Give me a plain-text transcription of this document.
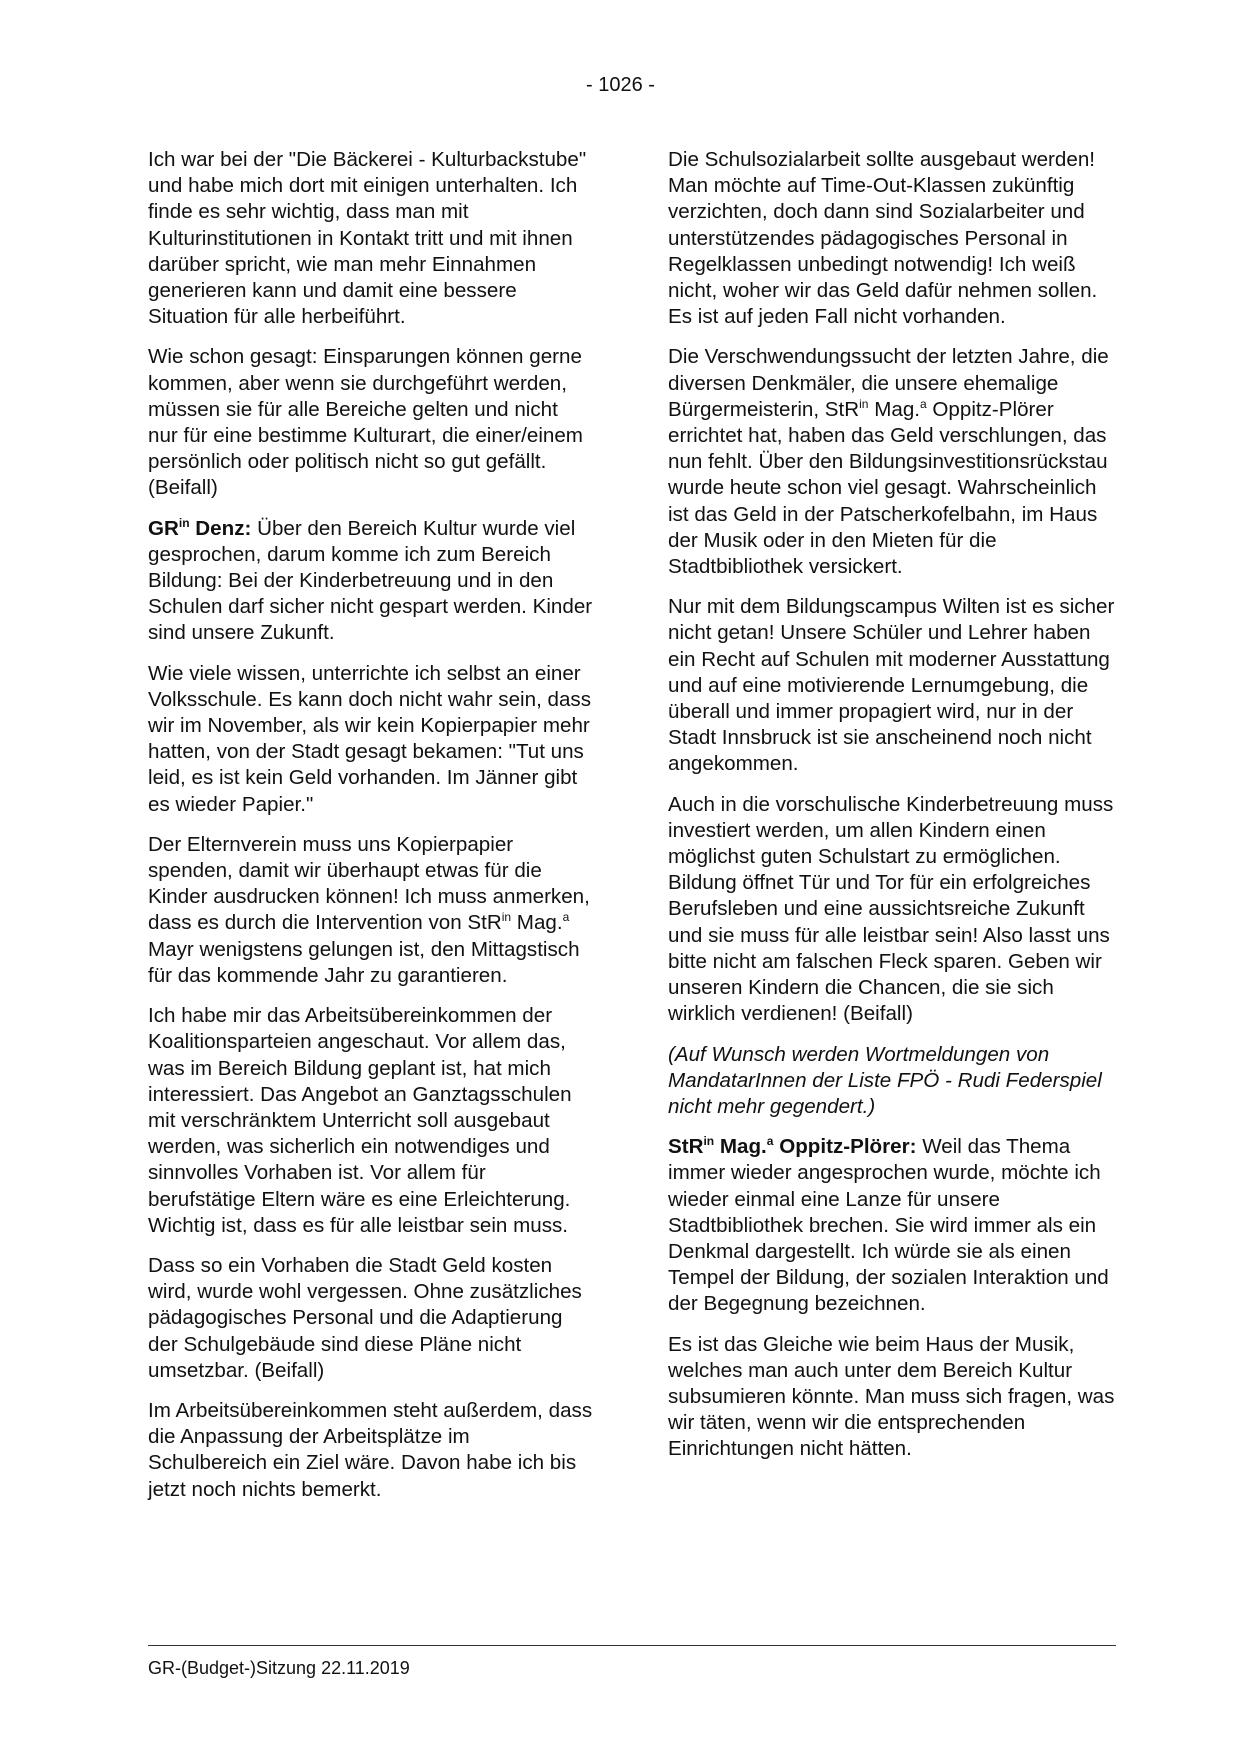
- 1026 -

Ich war bei der "Die Bäckerei - Kulturbackstube" und habe mich dort mit einigen unterhalten. Ich finde es sehr wichtig, dass man mit Kulturinstitutionen in Kontakt tritt und mit ihnen darüber spricht, wie man mehr Einnahmen generieren kann und damit eine bessere Situation für alle herbeiführt.

Wie schon gesagt: Einsparungen können gerne kommen, aber wenn sie durchgeführt werden, müssen sie für alle Bereiche gelten und nicht nur für eine bestimme Kulturart, die einer/einem persönlich oder politisch nicht so gut gefällt. (Beifall)

$GR^{in}$ Denz: Über den Bereich Kultur wurde viel gesprochen, darum komme ich zum Bereich Bildung: Bei der Kinderbetreuung und in den Schulen darf sicher nicht gespart werden. Kinder sind unsere Zukunft.

Wie viele wissen, unterrichte ich selbst an einer Volksschule. Es kann doch nicht wahr sein, dass wir im November, als wir kein Kopierpapier mehr hatten, von der Stadt gesagt bekamen: "Tut uns leid, es ist kein Geld vorhanden. Im Jänner gibt es wieder Papier."

Der Elternverein muss uns Kopierpapier spenden, damit wir überhaupt etwas für die Kinder ausdrucken können! Ich muss anmerken, dass es durch die Intervention von StR$^{in}$ Mag.$^a$ Mayr wenigstens gelungen ist, den Mittagstisch für das kommende Jahr zu garantieren.

Ich habe mir das Arbeitsübereinkommen der Koalitionsparteien angeschaut. Vor allem das, was im Bereich Bildung geplant ist, hat mich interessiert. Das Angebot an Ganztagsschulen mit verschränktem Unterricht soll ausgebaut werden, was sicherlich ein notwendiges und sinnvolles Vorhaben ist. Vor allem für berufstätige Eltern wäre es eine Erleichterung. Wichtig ist, dass es für alle leistbar sein muss.

Dass so ein Vorhaben die Stadt Geld kosten wird, wurde wohl vergessen. Ohne zusätzliches pädagogisches Personal und die Adaptierung der Schulgebäude sind diese Pläne nicht umsetzbar. (Beifall)

Im Arbeitsübereinkommen steht außerdem, dass die Anpassung der Arbeitsplätze im Schulbereich ein Ziel wäre. Davon habe ich bis jetzt noch nichts bemerkt.

Die Schulsozialarbeit sollte ausgebaut werden! Man möchte auf Time-Out-Klassen zukünftig verzichten, doch dann sind Sozialarbeiter und unterstützendes pädagogisches Personal in Regelklassen unbedingt notwendig! Ich weiß nicht, woher wir das Geld dafür nehmen sollen. Es ist auf jeden Fall nicht vorhanden.

Die Verschwendungssucht der letzten Jahre, die diversen Denkmäler, die unsere ehemalige Bürgermeisterin, StR$^{in}$ Mag.$^a$ Oppitz-Plörer errichtet hat, haben das Geld verschlungen, das nun fehlt. Über den Bildungsinvestitionsrückstau wurde heute schon viel gesagt. Wahrscheinlich ist das Geld in der Patscherkofelbahn, im Haus der Musik oder in den Mieten für die Stadtbibliothek versickert.

Nur mit dem Bildungscampus Wilten ist es sicher nicht getan! Unsere Schüler und Lehrer haben ein Recht auf Schulen mit moderner Ausstattung und auf eine motivierende Lernumgebung, die überall und immer propagiert wird, nur in der Stadt Innsbruck ist sie anscheinend noch nicht angekommen.

Auch in die vorschulische Kinderbetreuung muss investiert werden, um allen Kindern einen möglichst guten Schulstart zu ermöglichen. Bildung öffnet Tür und Tor für ein erfolgreiches Berufsleben und eine aussichtsreiche Zukunft und sie muss für alle leistbar sein! Also lasst uns bitte nicht am falschen Fleck sparen. Geben wir unseren Kindern die Chancen, die sie sich wirklich verdienen! (Beifall)

(Auf Wunsch werden Wortmeldungen von MandatarInnen der Liste FPÖ - Rudi Federspiel nicht mehr gegendert.)

StR$^{in}$ Mag.$^a$ Oppitz-Plörer: Weil das Thema immer wieder angesprochen wurde, möchte ich wieder einmal eine Lanze für unsere Stadtbibliothek brechen. Sie wird immer als ein Denkmal dargestellt. Ich würde sie als einen Tempel der Bildung, der sozialen Interaktion und der Begegnung bezeichnen.

Es ist das Gleiche wie beim Haus der Musik, welches man auch unter dem Bereich Kultur subsumieren könnte. Man muss sich fragen, was wir täten, wenn wir die entsprechenden Einrichtungen nicht hätten.

GR-(Budget-)Sitzung 22.11.2019
